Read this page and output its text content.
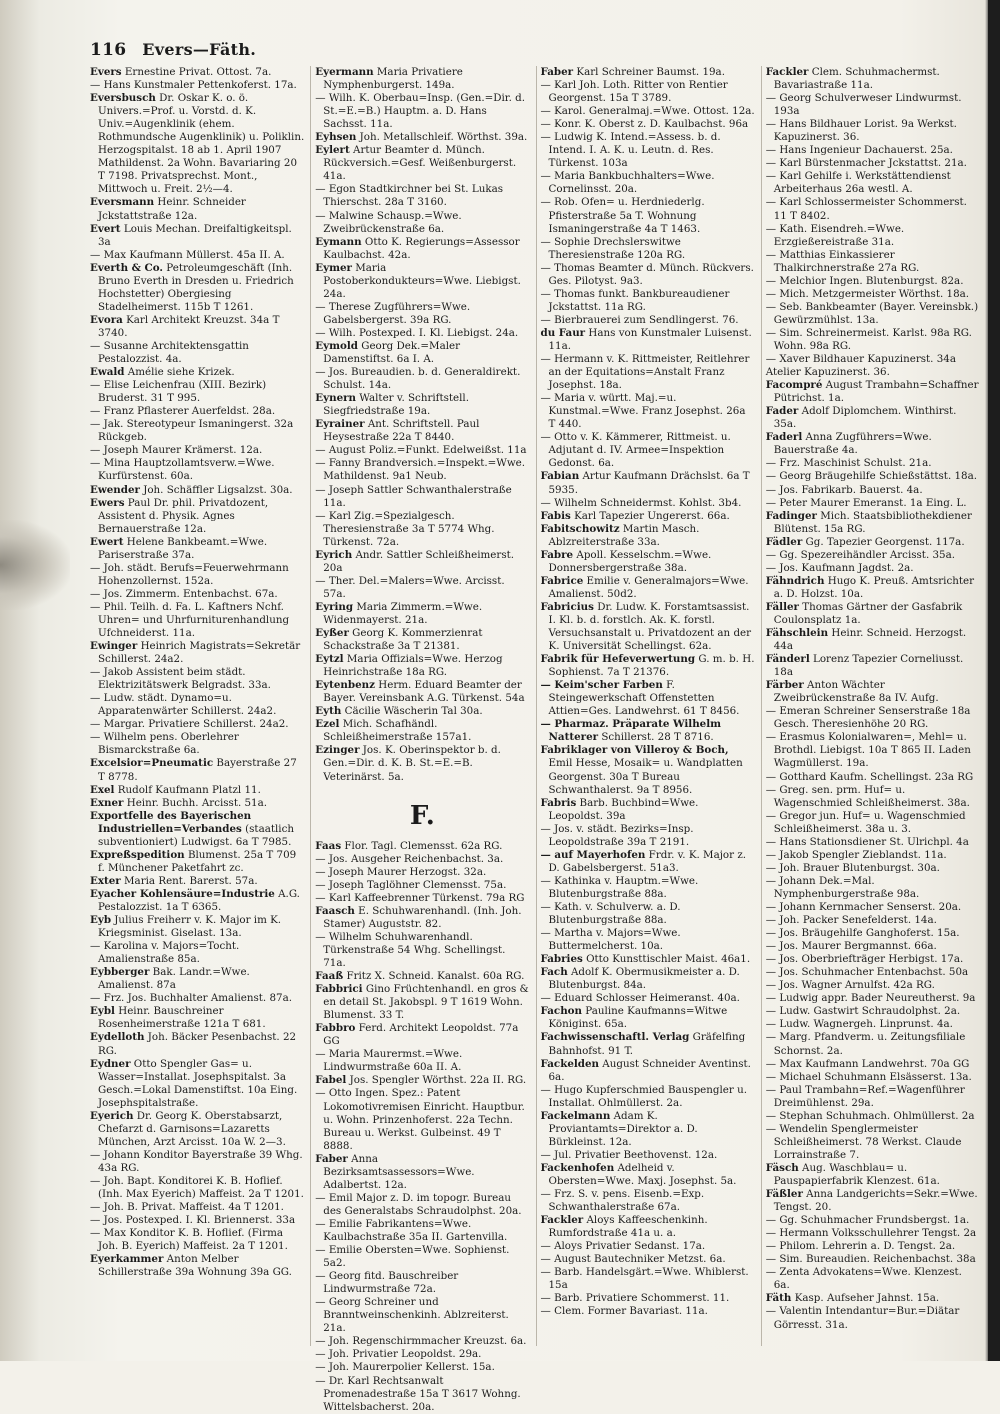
116 Evers—Fäth.

Evers Ernestine Privat. Ottost. 7a.

— Hans Kunstmaler Pettenkoferst. 17a.

Eversbusch Dr. Oskar K. o. ö. Univers.=Prof. u. Vorstd. d. K. Univ.=Augenklinik (ehem. Rothmundsche Augenklinik) u. Poliklin. Herzogspitalst. 18 ab 1. April 1907 Mathildenst. 2a Wohn. Bavariaring 20 T 7198. Privatsprechst. Mont., Mittwoch u. Freit. 2½—4.

Eversmann Heinr. Schneider Jckstattstraße 12a.

Evert Louis Mechan. Dreifaltigkeitspl. 3a

— Max Kaufmann Müllerst. 45a II. A.

Everth & Co. Petroleumgeschäft (Inh. Bruno Everth in Dresden u. Friedrich Hochstetter) Obergiesing Stadelheimerst. 115b T 1261.

Evora Karl Architekt Kreuzst. 34a T 3740.

— Susanne Architektensgattin Pestalozzist. 4a.

Ewald Amélie siehe Krizek.

— Elise Leichenfrau (XIII. Bezirk) Bruderst. 31 T 995.

— Franz Pflasterer Auerfeldst. 28a.

— Jak. Stereotypeur Ismaningerst. 32a Rückgeb.

— Joseph Maurer Krämerst. 12a.

— Mina Hauptzollamtsverw.=Wwe. Kurfürstenst. 60a.

Ewender Joh. Schäffler Ligsalzst. 30a.

Ewers Paul Dr. phil. Privatdozent, Assistent d. Physik. Agnes Bernauerstraße 12a.

Ewert Helene Bankbeamt.=Wwe. Pariserstraße 37a.

— Joh. städt. Berufs=Feuerwehrmann Hohenzollernst. 152a.

— Jos. Zimmerm. Entenbachst. 67a.

— Phil. Teilh. d. Fa. L. Kaftners Nchf. Uhren= und Uhrfurniturenhandlung Ufchneiderst. 11a.

Ewinger Heinrich Magistrats=Sekretär Schillerst. 24a2.

— Jakob Assistent beim städt. Elektrizitätswerk Belgradst. 33a.

— Ludw. städt. Dynamo=u. Apparatenwärter Schillerst. 24a2.

— Margar. Privatiere Schillerst. 24a2.

— Wilhelm pens. Oberlehrer Bismarckstraße 6a.

Excelsior=Pneumatic Bayerstraße 27 T 8778.

Exel Rudolf Kaufmann Platzl 11.

Exner Heinr. Buchh. Arcisst. 51a.

Exportfelle des Bayerischen Industriellen=Verbandes (staatlich subventioniert) Ludwigst. 6a T 7985.

Expreßspedition Blumenst. 25a T 709 f. Münchener Paketfahrt zc.

Exter Maria Rent. Barerst. 57a.

Eyacher Kohlensäure=Industrie A.G. Pestalozzist. 1a T 6365.

Eyb Julius Freiherr v. K. Major im K. Kriegsminist. Giselast. 13a.

— Karolina v. Majors=Tocht. Amalienstraße 85a.

Eybberger Bak. Landr.=Wwe. Amalienst. 87a

— Frz. Jos. Buchhalter Amalienst. 87a.

Eybl Heinr. Bauschreiner Rosenheimerstraße 121a T 681.

Eydelloth Joh. Bäcker Pesenbachst. 22 RG.

Eydner Otto Spengler Gas= u. Wasser=Installat. Josephspitalst. 3a Gesch.=Lokal Damenstiftst. 10a Eing. Josephspitalstraße.

Eyerich Dr. Georg K. Oberstabsarzt, Chefarzt d. Garnisons=Lazaretts München, Arzt Arcisst. 10a W. 2—3.

— Johann Konditor Bayerstraße 39 Whg. 43a RG.

— Joh. Bapt. Konditorei K. B. Hoflief. (Inh. Max Eyerich) Maffeist. 2a T 1201.

— Joh. B. Privat. Maffeist. 4a T 1201.

— Jos. Postexped. I. Kl. Briennerst. 33a

— Max Konditor K. B. Hoflief. (Firma Joh. B. Eyerich) Maffeist. 2a T 1201.

Eyerkammer Anton Melber Schillerstraße 39a Wohnung 39a GG.

Eyermann Maria Privatiere Nymphenburgerst. 149a.

— Wilh. K. Oberbau=Insp. (Gen.=Dir. d. St.=E.=B.) Hauptm. a. D. Hans Sachsst. 11a.

Eyhsen Joh. Metallschleif. Wörthst. 39a.

Eylert Artur Beamter d. Münch. Rückversich.=Gesf. Weißenburgerst. 41a.

— Egon Stadtkirchner bei St. Lukas Thierschst. 28a T 3160.

— Malwine Schausp.=Wwe. Zweibrückenstraße 6a.

Eymann Otto K. Regierungs=Assessor Kaulbachst. 42a.

Eymer Maria Postoberkondukteurs=Wwe. Liebigst. 24a.

— Therese Zugführers=Wwe. Gabelsbergerst. 39a RG.

— Wilh. Postexped. I. Kl. Liebigst. 24a.

Eymold Georg Dek.=Maler Damenstiftst. 6a I. A.

— Jos. Bureaudien. b. d. Generaldirekt. Schulst. 14a.

Eynern Walter v. Schriftstell. Siegfriedstraße 19a.

Eyrainer Ant. Schriftstell. Paul Heysestraße 22a T 8440.

— August Poliz.=Funkt. Edelweißst. 11a

— Fanny Brandversich.=Inspekt.=Wwe. Mathildenst. 9a1 Neub.

— Joseph Sattler Schwanthalerstraße 11a.

— Karl Zig.=Spezialgesch. Theresienstraße 3a T 5774 Whg. Türkenst. 72a.

Eyrich Andr. Sattler Schleißheimerst. 20a

— Ther. Del.=Malers=Wwe. Arcisst. 57a.

Eyring Maria Zimmerm.=Wwe. Widenmayerst. 21a.

Eyßer Georg K. Kommerzienrat Schackstraße 3a T 21381.

Eytzl Maria Offizials=Wwe. Herzog Heinrichstraße 18a RG.

Eytenbenz Herm. Eduard Beamter der Bayer. Vereinsbank A.G. Türkenst. 54a

Eyth Cäcilie Wäscherin Tal 30a.

Ezel Mich. Schafhändl. Schleißheimerstraße 157a1.

Ezinger Jos. K. Oberinspektor b. d. Gen.=Dir. d. K. B. St.=E.=B. Veterinärst. 5a.

F.

Faas Flor. Tagl. Clemensst. 62a RG.

— Jos. Ausgeher Reichenbachst. 3a.

— Joseph Maurer Herzogst. 32a.

— Joseph Taglöhner Clemensst. 75a.

— Karl Kaffeebrenner Türkenst. 79a RG

Faasch E. Schuhwarenhandl. (Inh. Joh. Stamer) Auguststr. 82.

— Wilhelm Schuhwarenhandl. Türkenstraße 54 Whg. Schellingst. 71a.

Faaß Fritz X. Schneid. Kanalst. 60a RG.

Fabbrici Gino Früchtenhandl. en gros & en detail St. Jakobspl. 9 T 1619 Wohn. Blumenst. 33 T.

Fabbro Ferd. Architekt Leopoldst. 77a GG

— Maria Maurermst.=Wwe. Lindwurmstraße 60a II. A.

Fabel Jos. Spengler Wörthst. 22a II. RG.

— Otto Ingen. Spez.: Patent Lokomotivremisen Einricht. Hauptbur. u. Wohn. Prinzenhoferst. 22a Techn. Bureau u. Werkst. Gulbeinst. 49 T 8888.

Faber Anna Bezirksamtsassessors=Wwe. Adalbertst. 12a.

— Emil Major z. D. im topogr. Bureau des Generalstabs Schraudolphst. 20a.

— Emilie Fabrikantens=Wwe. Kaulbachstraße 35a II. Gartenvilla.

— Emilie Obersten=Wwe. Sophienst. 5a2.

— Georg fitd. Bauschreiber Lindwurmstraße 72a.

— Georg Schreiner und Branntweinschenkinh. Ablzreiterst. 21a.

— Joh. Regenschirmmacher Kreuzst. 6a.

— Joh. Privatier Leopoldst. 29a.

— Joh. Maurerpolier Kellerst. 15a.

— Dr. Karl Rechtsanwalt Promenadestraße 15a T 3617 Wohng. Wittelsbacherst. 20a.

Faber Karl Schreiner Baumst. 19a.

— Karl Joh. Loth. Ritter von Rentier Georgenst. 15a T 3789.

— Karol. Generalmaj.=Wwe. Ottost. 12a.

— Konr. K. Oberst z. D. Kaulbachst. 96a

— Ludwig K. Intend.=Assess. b. d. Intend. I. A. K. u. Leutn. d. Res. Türkenst. 103a

— Maria Bankbuchhalters=Wwe. Cornelinsst. 20a.

— Rob. Ofen= u. Herdniederlg. Pfisterstraße 5a T. Wohnung Ismaningerstraße 4a T 1463.

— Sophie Drechslerswitwe Theresienstraße 120a RG.

— Thomas Beamter d. Münch. Rückvers. Ges. Pilotyst. 9a3.

— Thomas funkt. Bankbureaudiener Jckstattst. 11a RG.

— Bierbrauerei zum Sendlingerst. 76.

du Faur Hans von Kunstmaler Luisenst. 11a.

— Hermann v. K. Rittmeister, Reitlehrer an der Equitations=Anstalt Franz Josephst. 18a.

— Maria v. württ. Maj.=u. Kunstmal.=Wwe. Franz Josephst. 26a T 440.

— Otto v. K. Kämmerer, Rittmeist. u. Adjutant d. IV. Armee=Inspektion Gedonst. 6a.

Fabian Artur Kaufmann Drächslst. 6a T 5935.

— Wilhelm Schneidermst. Kohlst. 3b4.

Fabis Karl Tapezier Ungererst. 66a.

Fabitschowitz Martin Masch. Ablzreiterstraße 33a.

Fabre Apoll. Kesselschm.=Wwe. Donnersbergerstraße 38a.

Fabrice Emilie v. Generalmajors=Wwe. Amalienst. 50d2.

Fabricius Dr. Ludw. K. Forstamtsassist. I. Kl. b. d. forstlch. Ak. K. forstl. Versuchsanstalt u. Privatdozent an der K. Universität Schellingst. 62a.

Fabrik für Hefeverwertung G. m. b. H. Sophienst. 7a T 21376.

— Keim'scher Farben F. Steingewerkschaft Offenstetten Attien=Ges. Landwehrst. 61 T 8456.

— Pharmaz. Präparate Wilhelm Natterer Schillerst. 28 T 8716.

Fabriklager von Villeroy & Boch, Emil Hesse, Mosaik= u. Wandplatten Georgenst. 30a T Bureau Schwanthalerst. 9a T 8956.

Fabris Barb. Buchbind=Wwe. Leopoldst. 39a

— Jos. v. städt. Bezirks=Insp. Leopoldstraße 39a T 2191.

— auf Mayerhofen Frdr. v. K. Major z. D. Gabelsbergerst. 51a3.

— Kathinka v. Hauptm.=Wwe. Blutenburgstraße 88a.

— Kath. v. Schulverw. a. D. Blutenburgstraße 88a.

— Martha v. Majors=Wwe. Buttermelcherst. 10a.

Fabries Otto Kunsttischler Maist. 46a1.

Fach Adolf K. Obermusikmeister a. D. Blutenburgst. 84a.

— Eduard Schlosser Heimeranst. 40a.

Fachon Pauline Kaufmanns=Witwe Königinst. 65a.

Fachwissenschaftl. Verlag Gräfelfing Bahnhofst. 91 T.

Fackelden August Schneider Aventinst. 6a.

— Hugo Kupferschmied Bauspengler u. Installat. Ohlmüllerst. 2a.

Fackelmann Adam K. Proviantamts=Direktor a. D. Bürkleinst. 12a.

— Jul. Privatier Beethovenst. 12a.

Fackenhofen Adelheid v. Obersten=Wwe. Maxj. Josephst. 5a.

— Frz. S. v. pens. Eisenb.=Exp. Schwanthalerstraße 67a.

Fackler Aloys Kaffeeschenkinh. Rumfordstraße 41a u. a.

— Aloys Privatier Sedanst. 17a.

— August Bautechniker Metzst. 6a.

— Barb. Handelsgärt.=Wwe. Whiblerst. 15a

— Barb. Privatiere Schommerst. 11.

— Clem. Former Bavariast. 11a.

Fackler Clem. Schuhmachermst. Bavariastraße 11a.

— Georg Schulverweser Lindwurmst. 193a

— Hans Bildhauer Lorist. 9a Werkst. Kapuzinerst. 36.

— Hans Ingenieur Dachauerst. 25a.

— Karl Bürstenmacher Jckstattst. 21a.

— Karl Gehilfe i. Werkstättendienst Arbeiterhaus 26a westl. A.

— Karl Schlossermeister Schommerst. 11 T 8402.

— Kath. Eisendreh.=Wwe. Erzgießereistraße 31a.

— Matthias Einkassierer Thalkirchnerstraße 27a RG.

— Melchior Ingen. Blutenburgst. 82a.

— Mich. Metzgermeister Wörthst. 18a.

— Seb. Bankbeamter (Bayer. Vereinsbk.) Gewürzmühlst. 13a.

— Sim. Schreinermeist. Karlst. 98a RG. Wohn. 98a RG.

— Xaver Bildhauer Kapuzinerst. 34a

Atelier Kapuzinerst. 36.

Facompré August Trambahn=Schaffner Pütrichst. 1a.

Fader Adolf Diplomchem. Winthirst. 35a.

Faderl Anna Zugführers=Wwe. Bauerstraße 4a.

— Frz. Maschinist Schulst. 21a.

— Georg Bräugehilfe Schießstättst. 18a.

— Jos. Fabrikarb. Bauerst. 4a.

— Peter Maurer Emeranst. 1a Eing. L.

Fadinger Mich. Staatsbibliothekdiener Blütenst. 15a RG.

Fädler Gg. Tapezier Georgenst. 117a.

— Gg. Spezereihändler Arcisst. 35a.

— Jos. Kaufmann Jagdst. 2a.

Fähndrich Hugo K. Preuß. Amtsrichter a. D. Holzst. 10a.

Fäller Thomas Gärtner der Gasfabrik Coulonsplatz 1a.

Fähschlein Heinr. Schneid. Herzogst. 44a

Fänderl Lorenz Tapezier Corneliusst. 18a

Färber Anton Wächter Zweibrückenstraße 8a IV. Aufg.

— Emeran Schreiner Senserstraße 18a Gesch. Theresienhöhe 20 RG.

— Erasmus Kolonialwaren=, Mehl= u. Brothdl. Liebigst. 10a T 865 II. Laden Wagmüllerst. 19a.

— Gotthard Kaufm. Schellingst. 23a RG

— Greg. sen. prm. Huf= u. Wagenschmied Schleißheimerst. 38a.

— Gregor jun. Huf= u. Wagenschmied Schleißheimerst. 38a u. 3.

— Hans Stationsdiener St. Ulrichpl. 4a

— Jakob Spengler Zieblandst. 11a.

— Joh. Brauer Blutenburgst. 30a.

— Johann Dek.=Mal. Nymphenburgerstraße 98a.

— Johann Kernmacher Senserst. 20a.

— Joh. Packer Senefelderst. 14a.

— Jos. Bräugehilfe Ganghoferst. 15a.

— Jos. Maurer Bergmannst. 66a.

— Jos. Oberbriefträger Herbigst. 17a.

— Jos. Schuhmacher Entenbachst. 50a

— Jos. Wagner Arnulfst. 42a RG.

— Ludwig appr. Bader Neureutherst. 9a

— Ludw. Gastwirt Schraudolphst. 2a.

— Ludw. Wagnergeh. Linprunst. 4a.

— Marg. Pfandverm. u. Zeitungsfiliale Schornst. 2a.

— Max Kaufmann Landwehrst. 70a GG

— Michael Schuhmann Elsässerst. 13a.

— Paul Trambahn=Ref.=Wagenführer Dreimühlenst. 29a.

— Stephan Schuhmach. Ohlmüllerst. 2a

— Wendelin Spenglermeister Schleißheimerst. 78 Werkst. Claude Lorrainstraße 7.

Fäsch Aug. Waschblau= u. Pauspapierfabrik Klenzest. 61a.

Fäßler Anna Landgerichts=Sekr.=Wwe. Tengst. 20.

— Gg. Schuhmacher Frundsbergst. 1a.

— Hermann Volksschullehrer Tengst. 2a

— Philom. Lehrerin a. D. Tengst. 2a.

— Sim. Bureaudien. Reichenbachst. 38a

— Zenta Advokatens=Wwe. Klenzest. 6a.

Fäth Kasp. Aufseher Jahnst. 15a.

— Valentin Intendantur=Bur.=Diätar Görresst. 31a.
